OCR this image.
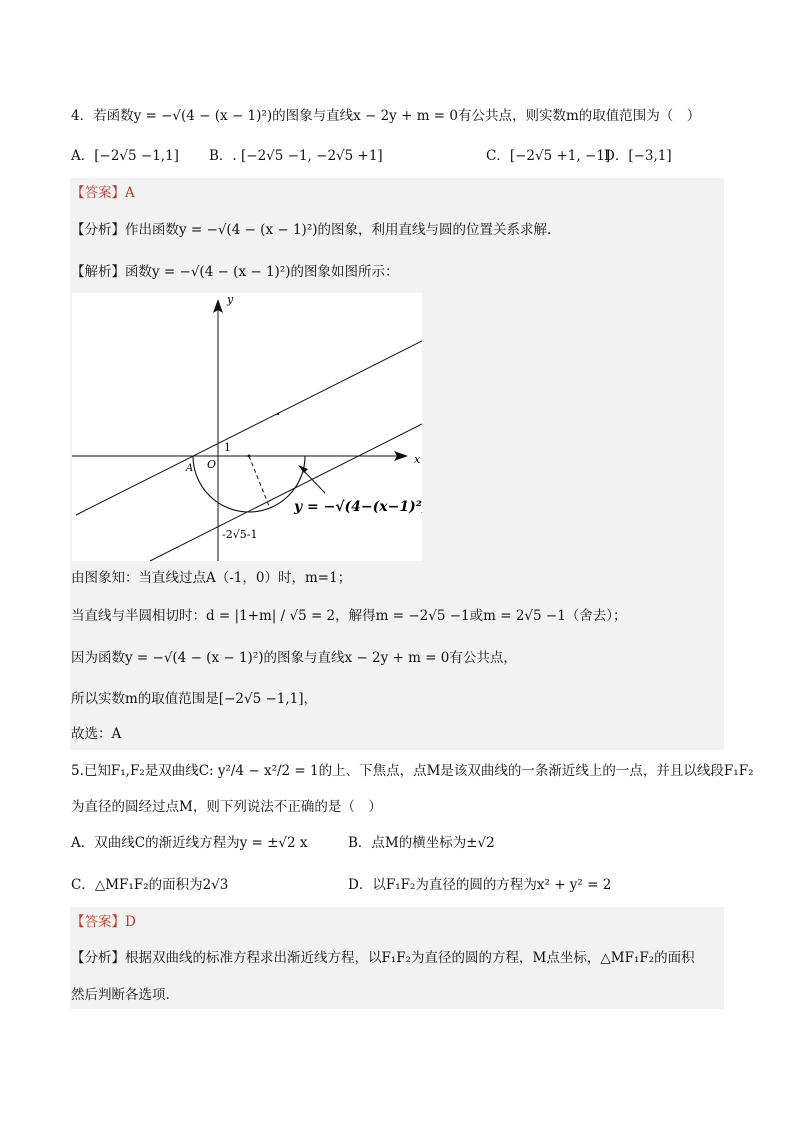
4．若函数y = −√(4 − (x − 1)²)的图象与直线x − 2y + m = 0有公共点，则实数m的取值范围为（　）
A．[−2√5 −1,1] B．. [−2√5 −1, −2√5 +1]	C．[−2√5 +1, −1]
D．[−3,1]
【答案】A
【分析】作出函数y = −√(4 − (x − 1)²)的图象，利用直线与圆的位置关系求解.
【解析】函数y = −√(4 − (x − 1)²)的图象如图所示：
x
y
1
O
A
-2√5-1
y = −√(4−(x−1)²)
由图象知：当直线过点A（-1，0）时，m=1；
当直线与半圆相切时：d = |1+m| / √5 = 2，解得m = −2√5 −1或m = 2√5 −1（舍去）；
因为函数y = −√(4 − (x − 1)²)的图象与直线x − 2y + m = 0有公共点，
所以实数m的取值范围是[−2√5 −1,1]，
故选：A
5.已知F₁,F₂是双曲线C: y²/4 − x²/2 = 1的上、下焦点，点M是该双曲线的一条渐近线上的一点，并且以线段F₁F₂
为直径的圆经过点M，则下列说法不正确的是（　）
A．双曲线C的渐近线方程为y = ±√2 x	B．点M的横坐标为±√2
C．△MF₁F₂的面积为2√3	D．以F₁F₂为直径的圆的方程为x² + y² = 2
【答案】D
【分析】根据双曲线的标准方程求出渐近线方程，以F₁F₂为直径的圆的方程，M点坐标，△MF₁F₂的面积
然后判断各选项.
